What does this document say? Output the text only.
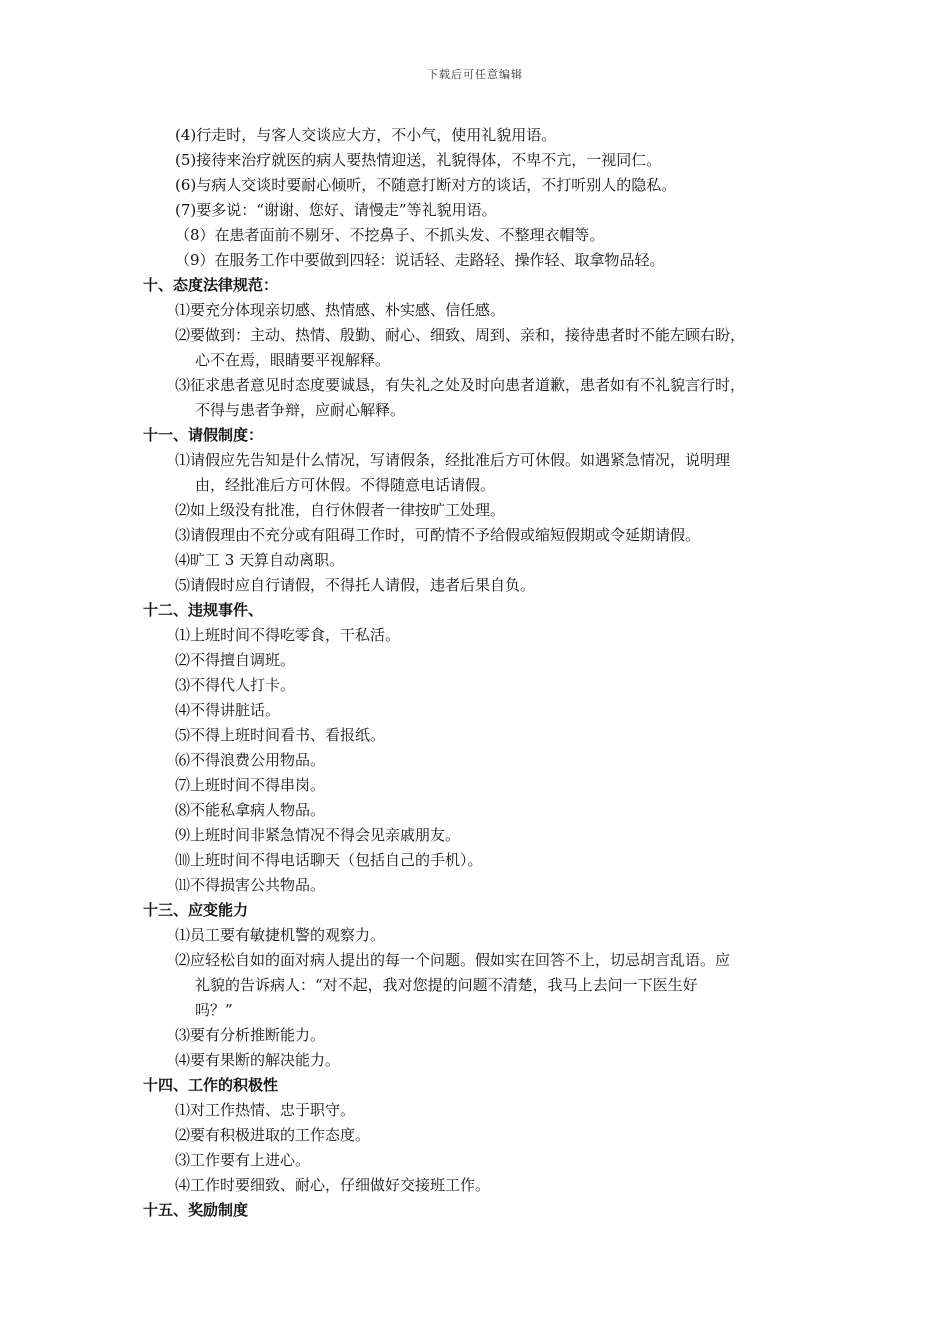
下载后可任意编辑
(4)行走时，与客人交谈应大方，不小气，使用礼貌用语。
(5)接待来治疗就医的病人要热情迎送，礼貌得体，不卑不亢，一视同仁。
(6)与病人交谈时要耐心倾听，不随意打断对方的谈话，不打听别人的隐私。
(7)要多说：“谢谢、您好、请慢走”等礼貌用语。
（8）在患者面前不剔牙、不挖鼻子、不抓头发、不整理衣帽等。
（9）在服务工作中要做到四轻：说话轻、走路轻、操作轻、取拿物品轻。
十、态度法律规范：
⑴要充分体现亲切感、热情感、朴实感、信任感。
⑵要做到：主动、热情、殷勤、耐心、细致、周到、亲和，接待患者时不能左顾右盼，
心不在焉，眼睛要平视解释。
⑶征求患者意见时态度要诚恳，有失礼之处及时向患者道歉，患者如有不礼貌言行时，
不得与患者争辩，应耐心解释。
十一、请假制度：
⑴请假应先告知是什么情况，写请假条，经批准后方可休假。如遇紧急情况，说明理
由，经批准后方可休假。不得随意电话请假。
⑵如上级没有批准，自行休假者一律按旷工处理。
⑶请假理由不充分或有阻碍工作时，可酌情不予给假或缩短假期或令延期请假。
⑷旷工 3 天算自动离职。
⑸请假时应自行请假，不得托人请假，违者后果自负。
十二、违规事件、
⑴上班时间不得吃零食，干私活。
⑵不得擅自调班。
⑶不得代人打卡。
⑷不得讲脏话。
⑸不得上班时间看书、看报纸。
⑹不得浪费公用物品。
⑺上班时间不得串岗。
⑻不能私拿病人物品。
⑼上班时间非紧急情况不得会见亲戚朋友。
⑽上班时间不得电话聊天（包括自己的手机）。
⑾不得损害公共物品。
十三、应变能力
⑴员工要有敏捷机警的观察力。
⑵应轻松自如的面对病人提出的每一个问题。假如实在回答不上，切忌胡言乱语。应
礼貌的告诉病人：“对不起，我对您提的问题不清楚，我马上去问一下医生好
吗？”
⑶要有分析推断能力。
⑷要有果断的解决能力。
十四、工作的积极性
⑴对工作热情、忠于职守。
⑵要有积极进取的工作态度。
⑶工作要有上进心。
⑷工作时要细致、耐心，仔细做好交接班工作。
十五、奖励制度
